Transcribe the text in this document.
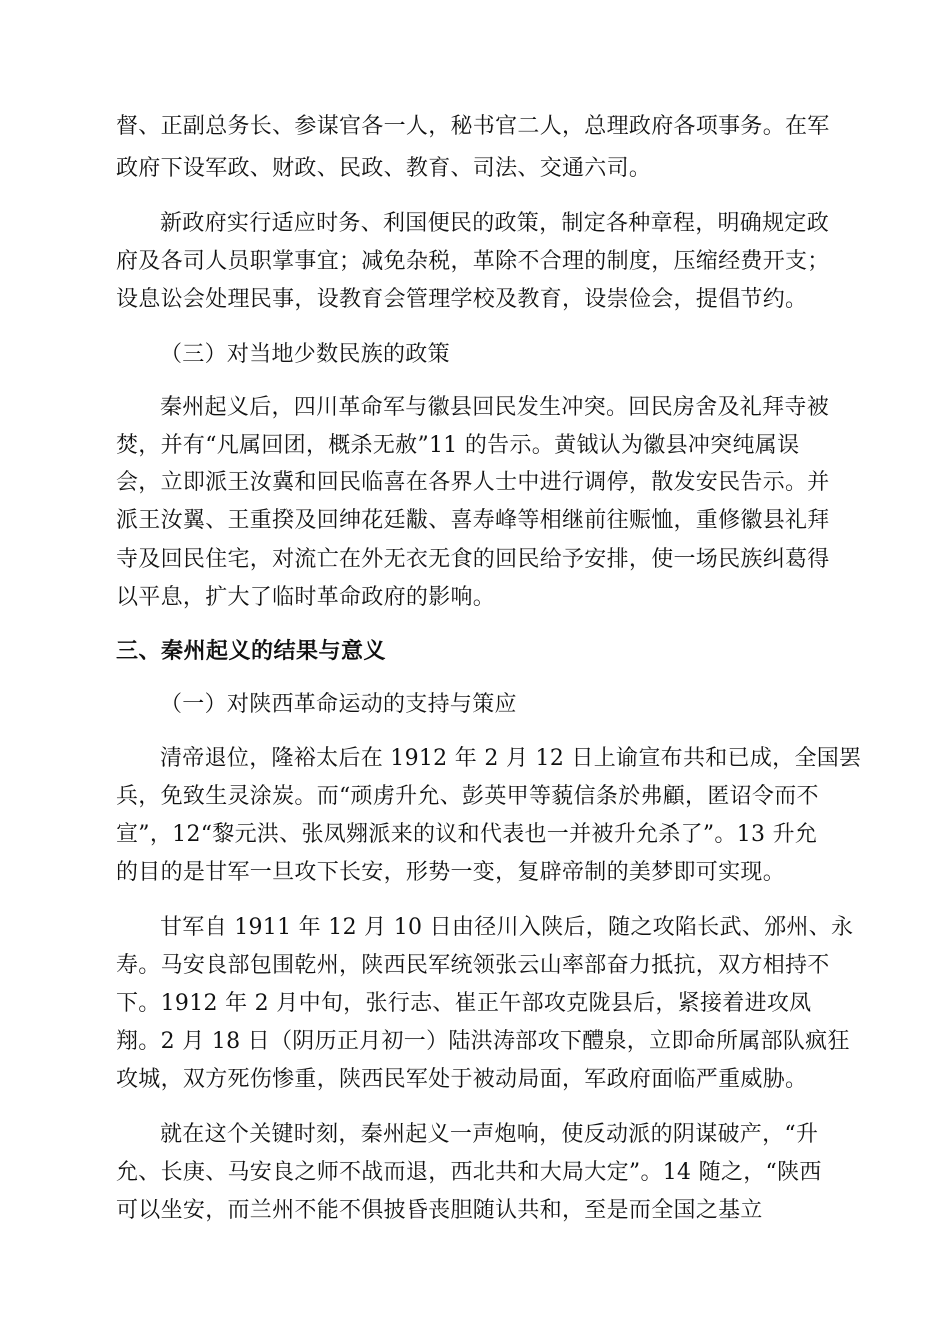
督、正副总务长、参谋官各一人，秘书官二人，总理政府各项事务。在军
政府下设军政、财政、民政、教育、司法、交通六司。
新政府实行适应时务、利国便民的政策，制定各种章程，明确规定政
府及各司人员职掌事宜；减免杂税，革除不合理的制度，压缩经费开支；
设息讼会处理民事，设教育会管理学校及教育，设崇俭会，提倡节约。
（三）对当地少数民族的政策
秦州起义后，四川革命军与徽县回民发生冲突。回民房舍及礼拜寺被
焚，并有“凡属回团，概杀无赦”11 的告示。黄钺认为徽县冲突纯属误
会，立即派王汝冀和回民临喜在各界人士中进行调停，散发安民告示。并
派王汝翼、王重揆及回绅花廷黻、喜寿峰等相继前往赈恤，重修徽县礼拜
寺及回民住宅，对流亡在外无衣无食的回民给予安排，使一场民族纠葛得
以平息，扩大了临时革命政府的影响。
三、秦州起义的结果与意义
（一）对陕西革命运动的支持与策应
清帝退位，隆裕太后在 1912 年 2 月 12 日上谕宣布共和已成，全国罢
兵，免致生灵涂炭。而“顽虏升允、彭英甲等藐信条於弗顧，匿诏令而不
宣”，12“黎元洪、张凤翙派来的议和代表也一并被升允杀了”。13 升允
的目的是甘军一旦攻下长安，形势一变，复辟帝制的美梦即可实现。
甘军自 1911 年 12 月 10 日由径川入陕后，随之攻陷长武、邠州、永
寿。马安良部包围乾州，陕西民军统领张云山率部奋力抵抗，双方相持不
下。1912 年 2 月中旬，张行志、崔正午部攻克陇县后，紧接着进攻凤
翔。2 月 18 日（阴历正月初一）陆洪涛部攻下醴泉，立即命所属部队疯狂
攻城，双方死伤惨重，陕西民军处于被动局面，军政府面临严重威胁。
就在这个关键时刻，秦州起义一声炮响，使反动派的阴谋破产，“升
允、长庚、马安良之师不战而退，西北共和大局大定”。14 随之，“陕西
可以坐安，而兰州不能不俱披昏丧胆随认共和，至是而全国之基立
